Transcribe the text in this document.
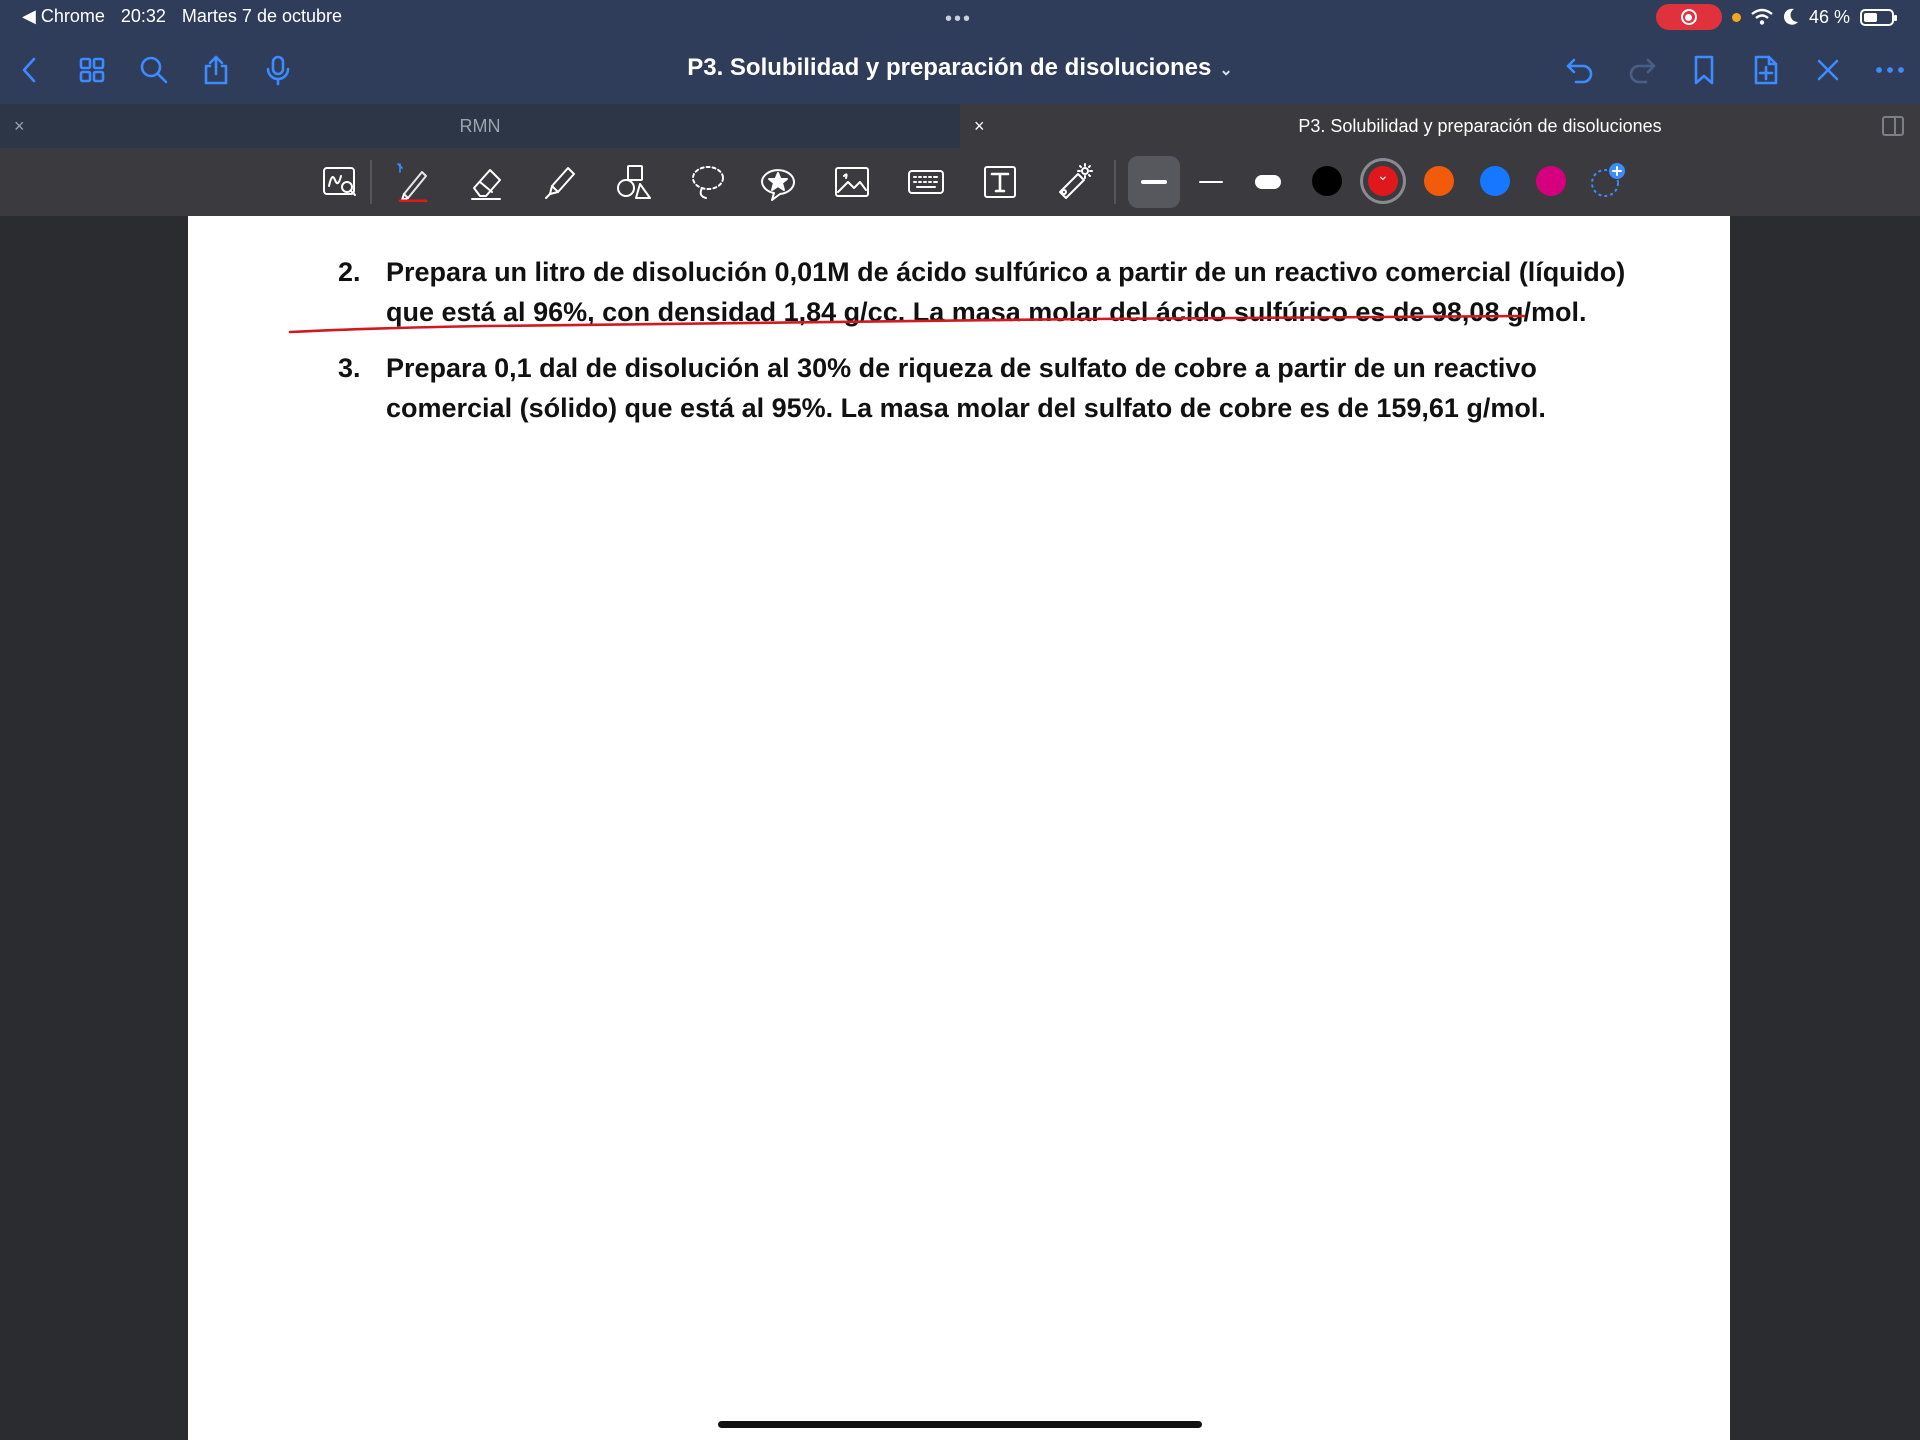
◀ Chrome 20:32 Martes 7 de octubre	•••	46 %
P3. Solubilidad y preparación de disoluciones ⌄
×	RMN	×	P3. Solubilidad y preparación de disoluciones
⌄
2. Prepara un litro de disolución 0,01M de ácido sulfúrico a partir de un reactivo comercial (líquido) que está al 96%, con densidad 1,84 g/cc. La masa molar del ácido sulfúrico es de 98,08 g/mol.
3. Prepara 0,1 dal de disolución al 30% de riqueza de sulfato de cobre a partir de un reactivo comercial (sólido) que está al 95%. La masa molar del sulfato de cobre es de 159,61 g/mol.
